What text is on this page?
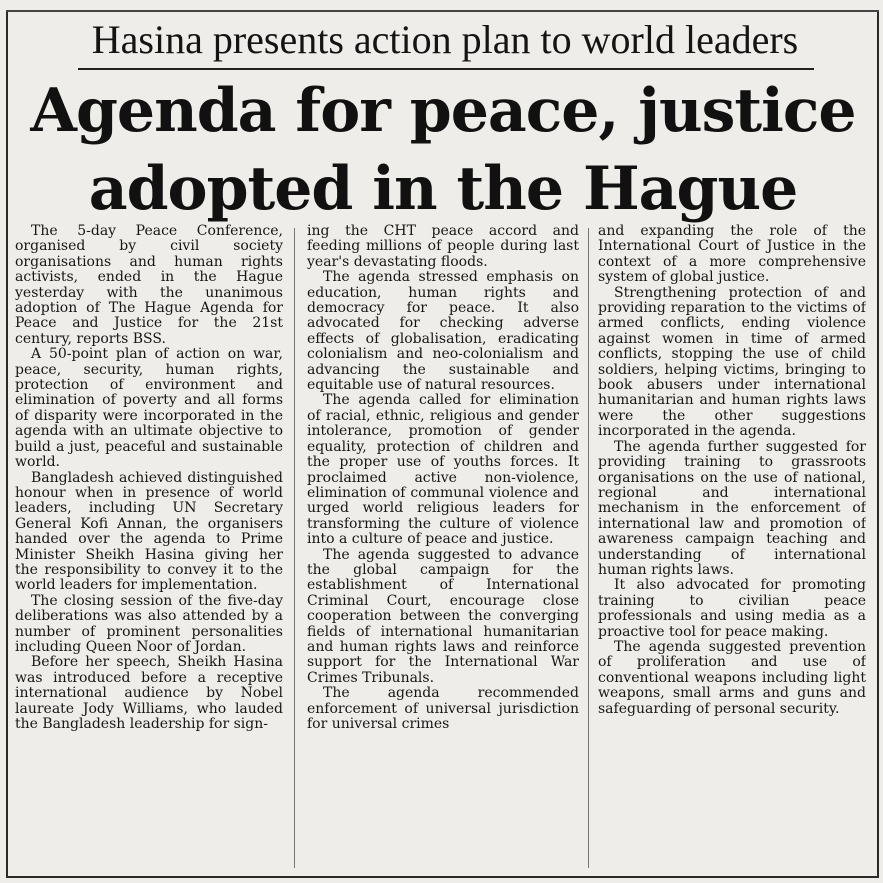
Hasina presents action plan to world leaders
Agenda for peace, justice
adopted in the Hague

The 5-day Peace Conference, organised by civil society organisations and human rights activists, ended in the Hague yesterday with the unanimous adoption of The Hague Agenda for Peace and Justice for the 21st century, reports BSS.

A 50-point plan of action on war, peace, security, human rights, protection of environment and elimination of poverty and all forms of disparity were incorporated in the agenda with an ultimate objective to build a just, peaceful and sustainable world.

Bangladesh achieved distinguished honour when in presence of world leaders, including UN Secretary General Kofi Annan, the organisers handed over the agenda to Prime Minister Sheikh Hasina giving her the responsibility to convey it to the world leaders for implementation.

The closing session of the five-day deliberations was also attended by a number of prominent personalities including Queen Noor of Jordan.

Before her speech, Sheikh Hasina was introduced before a receptive international audience by Nobel laureate Jody Williams, who lauded the Bangladesh leadership for sign-

ing the CHT peace accord and feeding millions of people during last year's devastating floods.

The agenda stressed emphasis on education, human rights and democracy for peace. It also advocated for checking adverse effects of globalisation, eradicating colonialism and neo-colonialism and advancing the sustainable and equitable use of natural resources.

The agenda called for elimination of racial, ethnic, religious and gender intolerance, promotion of gender equality, protection of children and the proper use of youths forces. It proclaimed active non-violence, elimination of communal violence and urged world religious leaders for transforming the culture of violence into a culture of peace and justice.

The agenda suggested to advance the global campaign for the establishment of International Criminal Court, encourage close cooperation between the converging fields of international humanitarian and human rights laws and reinforce support for the International War Crimes Tribunals.

The agenda recommended enforcement of universal jurisdiction for universal crimes

and expanding the role of the International Court of Justice in the context of a more comprehensive system of global justice.

Strengthening protection of and providing reparation to the victims of armed conflicts, ending violence against women in time of armed conflicts, stopping the use of child soldiers, helping victims, bringing to book abusers under international humanitarian and human rights laws were the other suggestions incorporated in the agenda.

The agenda further suggested for providing training to grassroots organisations on the use of national, regional and international mechanism in the enforcement of international law and promotion of awareness campaign teaching and understanding of international human rights laws.

It also advocated for promoting training to civilian peace professionals and using media as a proactive tool for peace making.

The agenda suggested prevention of proliferation and use of conventional weapons including light weapons, small arms and guns and safeguarding of personal security.
